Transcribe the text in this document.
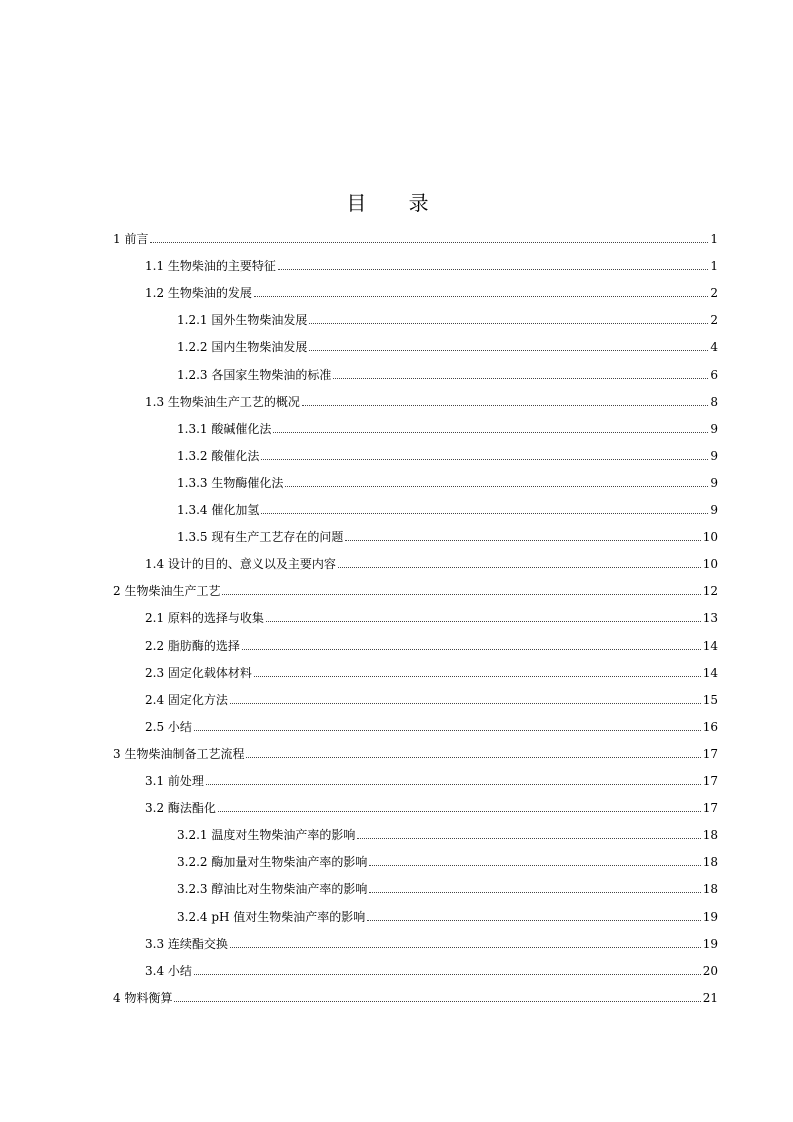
目 录
1 前言	1
1.1 生物柴油的主要特征	1
1.2 生物柴油的发展	2
1.2.1 国外生物柴油发展	2
1.2.2 国内生物柴油发展	4
1.2.3 各国家生物柴油的标准	6
1.3 生物柴油生产工艺的概况	8
1.3.1 酸碱催化法	9
1.3.2 酸催化法	9
1.3.3 生物酶催化法	9
1.3.4 催化加氢	9
1.3.5 现有生产工艺存在的问题	10
1.4 设计的目的、意义以及主要内容	10
2 生物柴油生产工艺	12
2.1 原料的选择与收集	13
2.2 脂肪酶的选择	14
2.3 固定化载体材料	14
2.4 固定化方法	15
2.5 小结	16
3 生物柴油制备工艺流程	17
3.1 前处理	17
3.2 酶法酯化	17
3.2.1 温度对生物柴油产率的影响	18
3.2.2 酶加量对生物柴油产率的影响	18
3.2.3 醇油比对生物柴油产率的影响	18
3.2.4 pH 值对生物柴油产率的影响	19
3.3 连续酯交换	19
3.4 小结	20
4 物料衡算	21
